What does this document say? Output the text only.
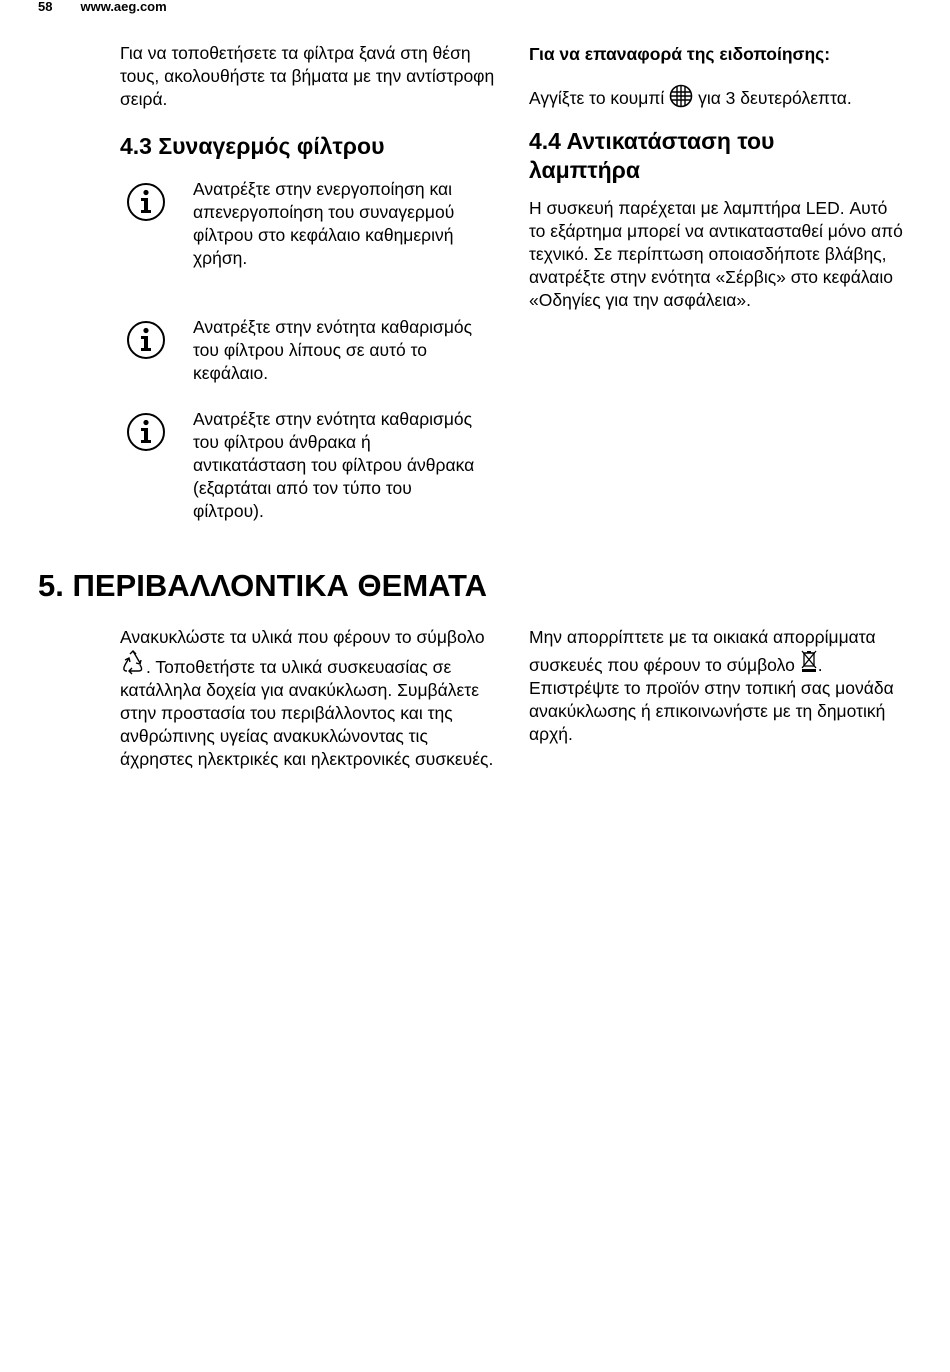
58 www.aeg.com

Για να τοποθετήσετε τα φίλτρα ξανά στη θέση τους, ακολουθήστε τα βήματα με την αντίστροφη σειρά.

4.3 Συναγερμός φίλτρου
Ανατρέξτε στην ενεργοποίηση και απενεργοποίηση του συναγερμού φίλτρου στο κεφάλαιο καθημερινή χρήση.
Ανατρέξτε στην ενότητα καθαρισμός του φίλτρου λίπους σε αυτό το κεφάλαιο.
Ανατρέξτε στην ενότητα καθαρισμός του φίλτρου άνθρακα ή αντικατάσταση του φίλτρου άνθρακα (εξαρτάται από τον τύπο του φίλτρου).

Για να επαναφορά της ειδοποίησης:

Αγγίξτε το κουμπί για 3 δευτερόλεπτα.

4.4 Αντικατάσταση του λαμπτήρα

Η συσκευή παρέχεται με λαμπτήρα LED. Αυτό το εξάρτημα μπορεί να αντικατασταθεί μόνο από τεχνικό. Σε περίπτωση οποιασδήποτε βλάβης, ανατρέξτε στην ενότητα «Σέρβις» στο κεφάλαιο «Οδηγίες για την ασφάλεια».

5. ΠΕΡΙΒΑΛΛΟΝΤΙΚΑ ΘΕΜΑΤΑ

Ανακυκλώστε τα υλικά που φέρουν το σύμβολο . Τοποθετήστε τα υλικά συσκευασίας σε κατάλληλα δοχεία για ανακύκλωση. Συμβάλετε στην προστασία του περιβάλλοντος και της ανθρώπινης υγείας ανακυκλώνοντας τις άχρηστες ηλεκτρικές και ηλεκτρονικές συσκευές.

Μην απορρίπτετε με τα οικιακά απορρίμματα συσκευές που φέρουν το σύμβολο . Επιστρέψτε το προϊόν στην τοπική σας μονάδα ανακύκλωσης ή επικοινωνήστε με τη δημοτική αρχή.
